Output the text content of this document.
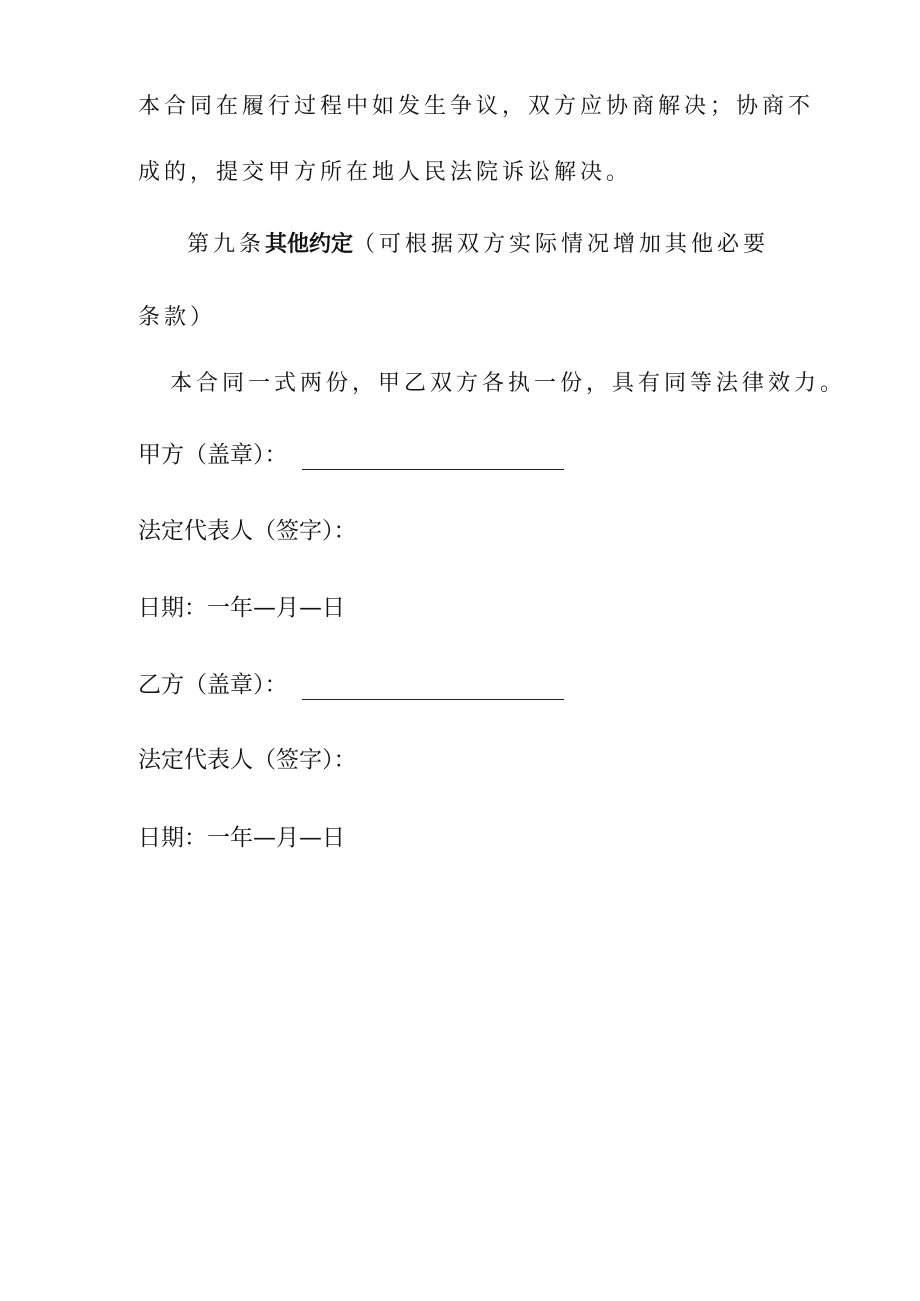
本合同在履行过程中如发生争议，双方应协商解决；协商不
成的，提交甲方所在地人民法院诉讼解决。
第九条其他约定（可根据双方实际情况增加其他必要
条款）
本合同一式两份，甲乙双方各执一份，具有同等法律效力。
甲方（盖章）：
法定代表人（签字）：
日期：一年—月—日
乙方（盖章）：
法定代表人（签字）：
日期：一年—月—日
